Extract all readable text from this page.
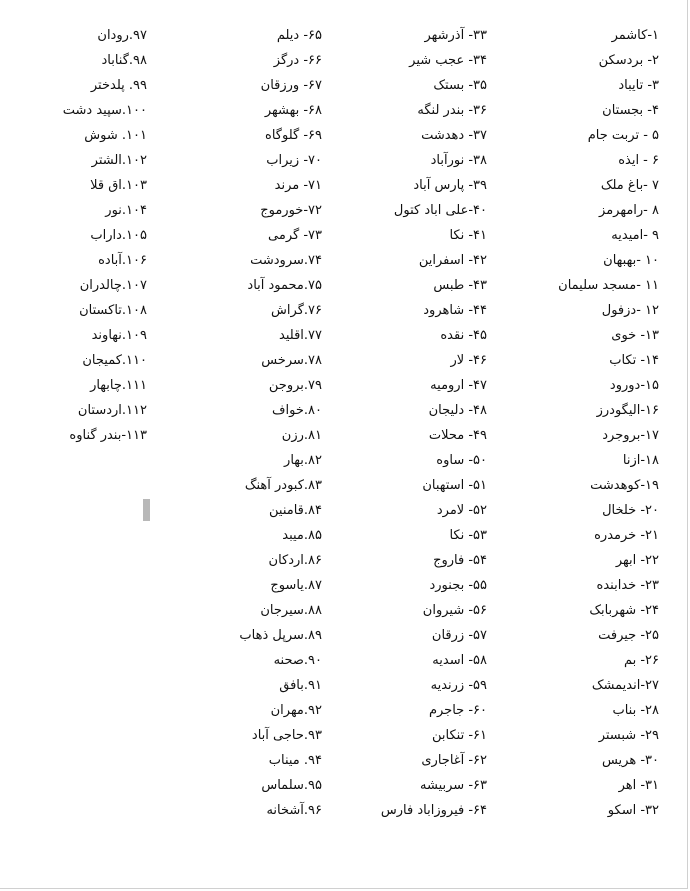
۱-کاشمر
۲- بردسکن
۳- تایباد
۴- بجستان
۵ - تربت جام
۶ - ایذه
۷ -باغ ملک
۸ -رامهرمز
۹ -امیدیه
۱۰ -بهبهان
۱۱ -مسجد سلیمان
۱۲ -دزفول
۱۳- خوی
۱۴- تکاب
۱۵-دورود
۱۶-الیگودرز
۱۷-بروجرد
۱۸-ازنا
۱۹-کوهدشت
۲۰- خلخال
۲۱- خرمدره
۲۲- ابهر
۲۳- خدابنده
۲۴- شهربابک
۲۵- جیرفت
۲۶- بم
۲۷-اندیمشک
۲۸- بناب
۲۹- شبستر
۳۰- هریس
۳۱- اهر
۳۲- اسکو
۳۳- آذرشهر
۳۴- عجب شیر
۳۵- بستک
۳۶- بندر لنگه
۳۷- دهدشت
۳۸- نورآباد
۳۹- پارس آباد
۴۰-علی اباد کتول
۴۱- نکا
۴۲- اسفراین
۴۳- طبس
۴۴- شاهرود
۴۵- نقده
۴۶- لار
۴۷- ارومیه
۴۸- دلیجان
۴۹- محلات
۵۰- ساوه
۵۱- استهبان
۵۲- لامرد
۵۳- نکا
۵۴- فاروج
۵۵- بجنورد
۵۶- شیروان
۵۷- زرقان
۵۸- اسدیه
۵۹- زرندیه
۶۰- جاجرم
۶۱- تنکابن
۶۲- آغاجاری
۶۳- سربیشه
۶۴- فیروزاباد فارس
۶۵- دیلم
۶۶- درگز
۶۷- ورزقان
۶۸- بهشهر
۶۹- گلوگاه
۷۰- زیراب
۷۱- مرند
۷۲-خورموج
۷۳- گرمی
۷۴.سرودشت
۷۵.محمود آباد
۷۶.گراش
۷۷.اقلید
۷۸.سرخس
۷۹.بروجن
۸۰.خواف
۸۱.رزن
۸۲.بهار
۸۳.کبودر آهنگ
۸۴.قامنین
۸۵.میبد
۸۶.اردکان
۸۷.یاسوج
۸۸.سیرجان
۸۹.سرپل ذهاب
۹۰.صحنه
۹۱.بافق
۹۲.مهران
۹۳.حاجی آباد
۹۴. میناب
۹۵.سلماس
۹۶.آشخانه
۹۷.رودان
۹۸.گناباد
۹۹. پلدختر
۱۰۰.سپید دشت
۱۰۱. شوش
۱۰۲.الشتر
۱۰۳.اق قلا
۱۰۴.نور
۱۰۵.داراب
۱۰۶.آباده
۱۰۷.چالدران
۱۰۸.تاکستان
۱۰۹.نهاوند
۱۱۰.کمیجان
۱۱۱.چابهار
۱۱۲.اردستان
۱۱۳-بندر گناوه
